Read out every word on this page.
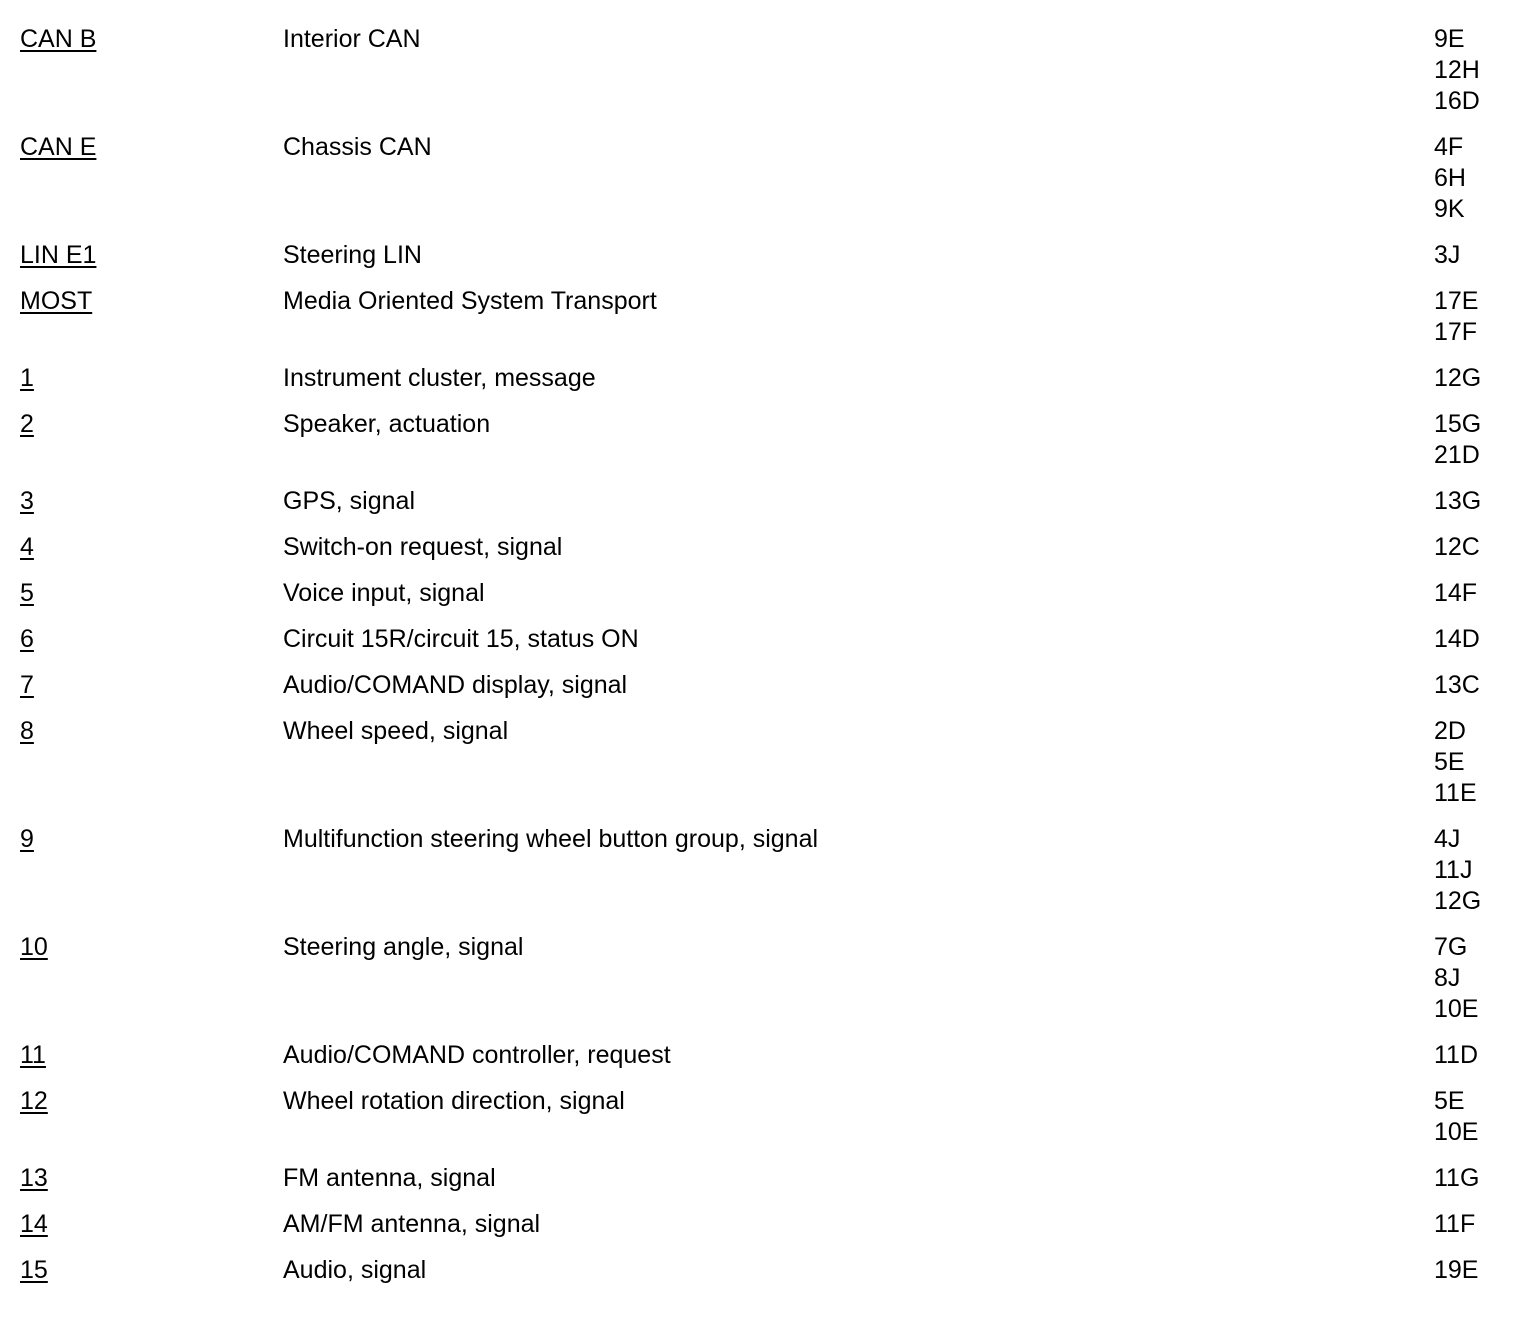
CAN B	Interior CAN	9E
12H
16D
CAN E	Chassis CAN	4F
6H
9K
LIN E1	Steering LIN	3J
MOST	Media Oriented System Transport	17E
17F
1	Instrument cluster, message	12G
2	Speaker, actuation	15G
21D
3	GPS, signal	13G
4	Switch-on request, signal	12C
5	Voice input, signal	14F
6	Circuit 15R/circuit 15, status ON	14D
7	Audio/COMAND display, signal	13C
8	Wheel speed, signal	2D
5E
11E
9	Multifunction steering wheel button group, signal	4J
11J
12G
10	Steering angle, signal	7G
8J
10E
11	Audio/COMAND controller, request	11D
12	Wheel rotation direction, signal	5E
10E
13	FM antenna, signal	11G
14	AM/FM antenna, signal	11F
15	Audio, signal	19E
